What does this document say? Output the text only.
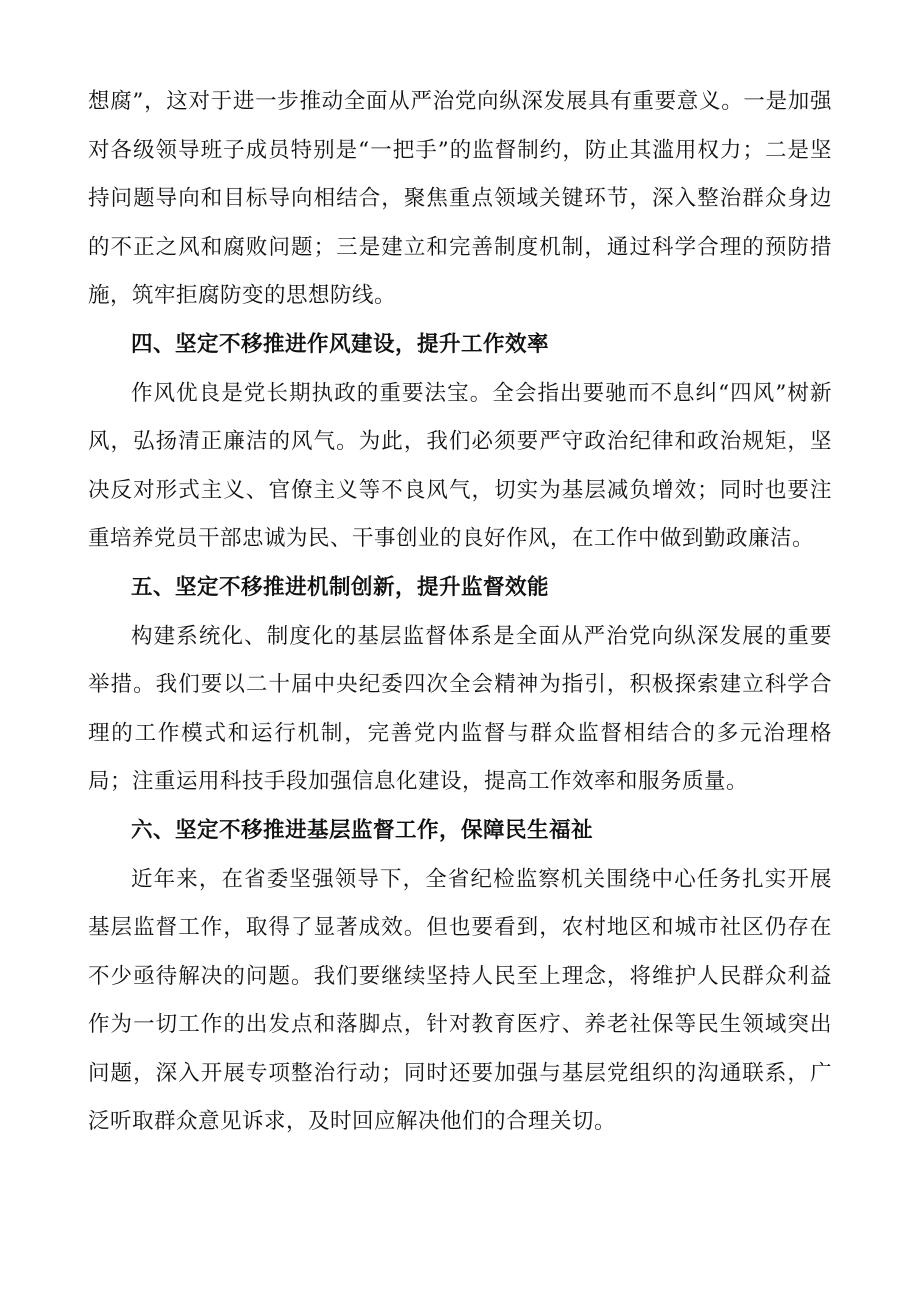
想腐”，这对于进一步推动全面从严治党向纵深发展具有重要意义。一是加强对各级领导班子成员特别是“一把手”的监督制约，防止其滥用权力；二是坚持问题导向和目标导向相结合，聚焦重点领域关键环节，深入整治群众身边的不正之风和腐败问题；三是建立和完善制度机制，通过科学合理的预防措施，筑牢拒腐防变的思想防线。

四、坚定不移推进作风建设，提升工作效率

作风优良是党长期执政的重要法宝。全会指出要驰而不息纠“四风”树新风，弘扬清正廉洁的风气。为此，我们必须要严守政治纪律和政治规矩，坚决反对形式主义、官僚主义等不良风气，切实为基层减负增效；同时也要注重培养党员干部忠诚为民、干事创业的良好作风，在工作中做到勤政廉洁。

五、坚定不移推进机制创新，提升监督效能

构建系统化、制度化的基层监督体系是全面从严治党向纵深发展的重要举措。我们要以二十届中央纪委四次全会精神为指引，积极探索建立科学合理的工作模式和运行机制，完善党内监督与群众监督相结合的多元治理格局；注重运用科技手段加强信息化建设，提高工作效率和服务质量。

六、坚定不移推进基层监督工作，保障民生福祉

近年来，在省委坚强领导下，全省纪检监察机关围绕中心任务扎实开展基层监督工作，取得了显著成效。但也要看到，农村地区和城市社区仍存在不少亟待解决的问题。我们要继续坚持人民至上理念，将维护人民群众利益作为一切工作的出发点和落脚点，针对教育医疗、养老社保等民生领域突出问题，深入开展专项整治行动；同时还要加强与基层党组织的沟通联系，广泛听取群众意见诉求，及时回应解决他们的合理关切。
